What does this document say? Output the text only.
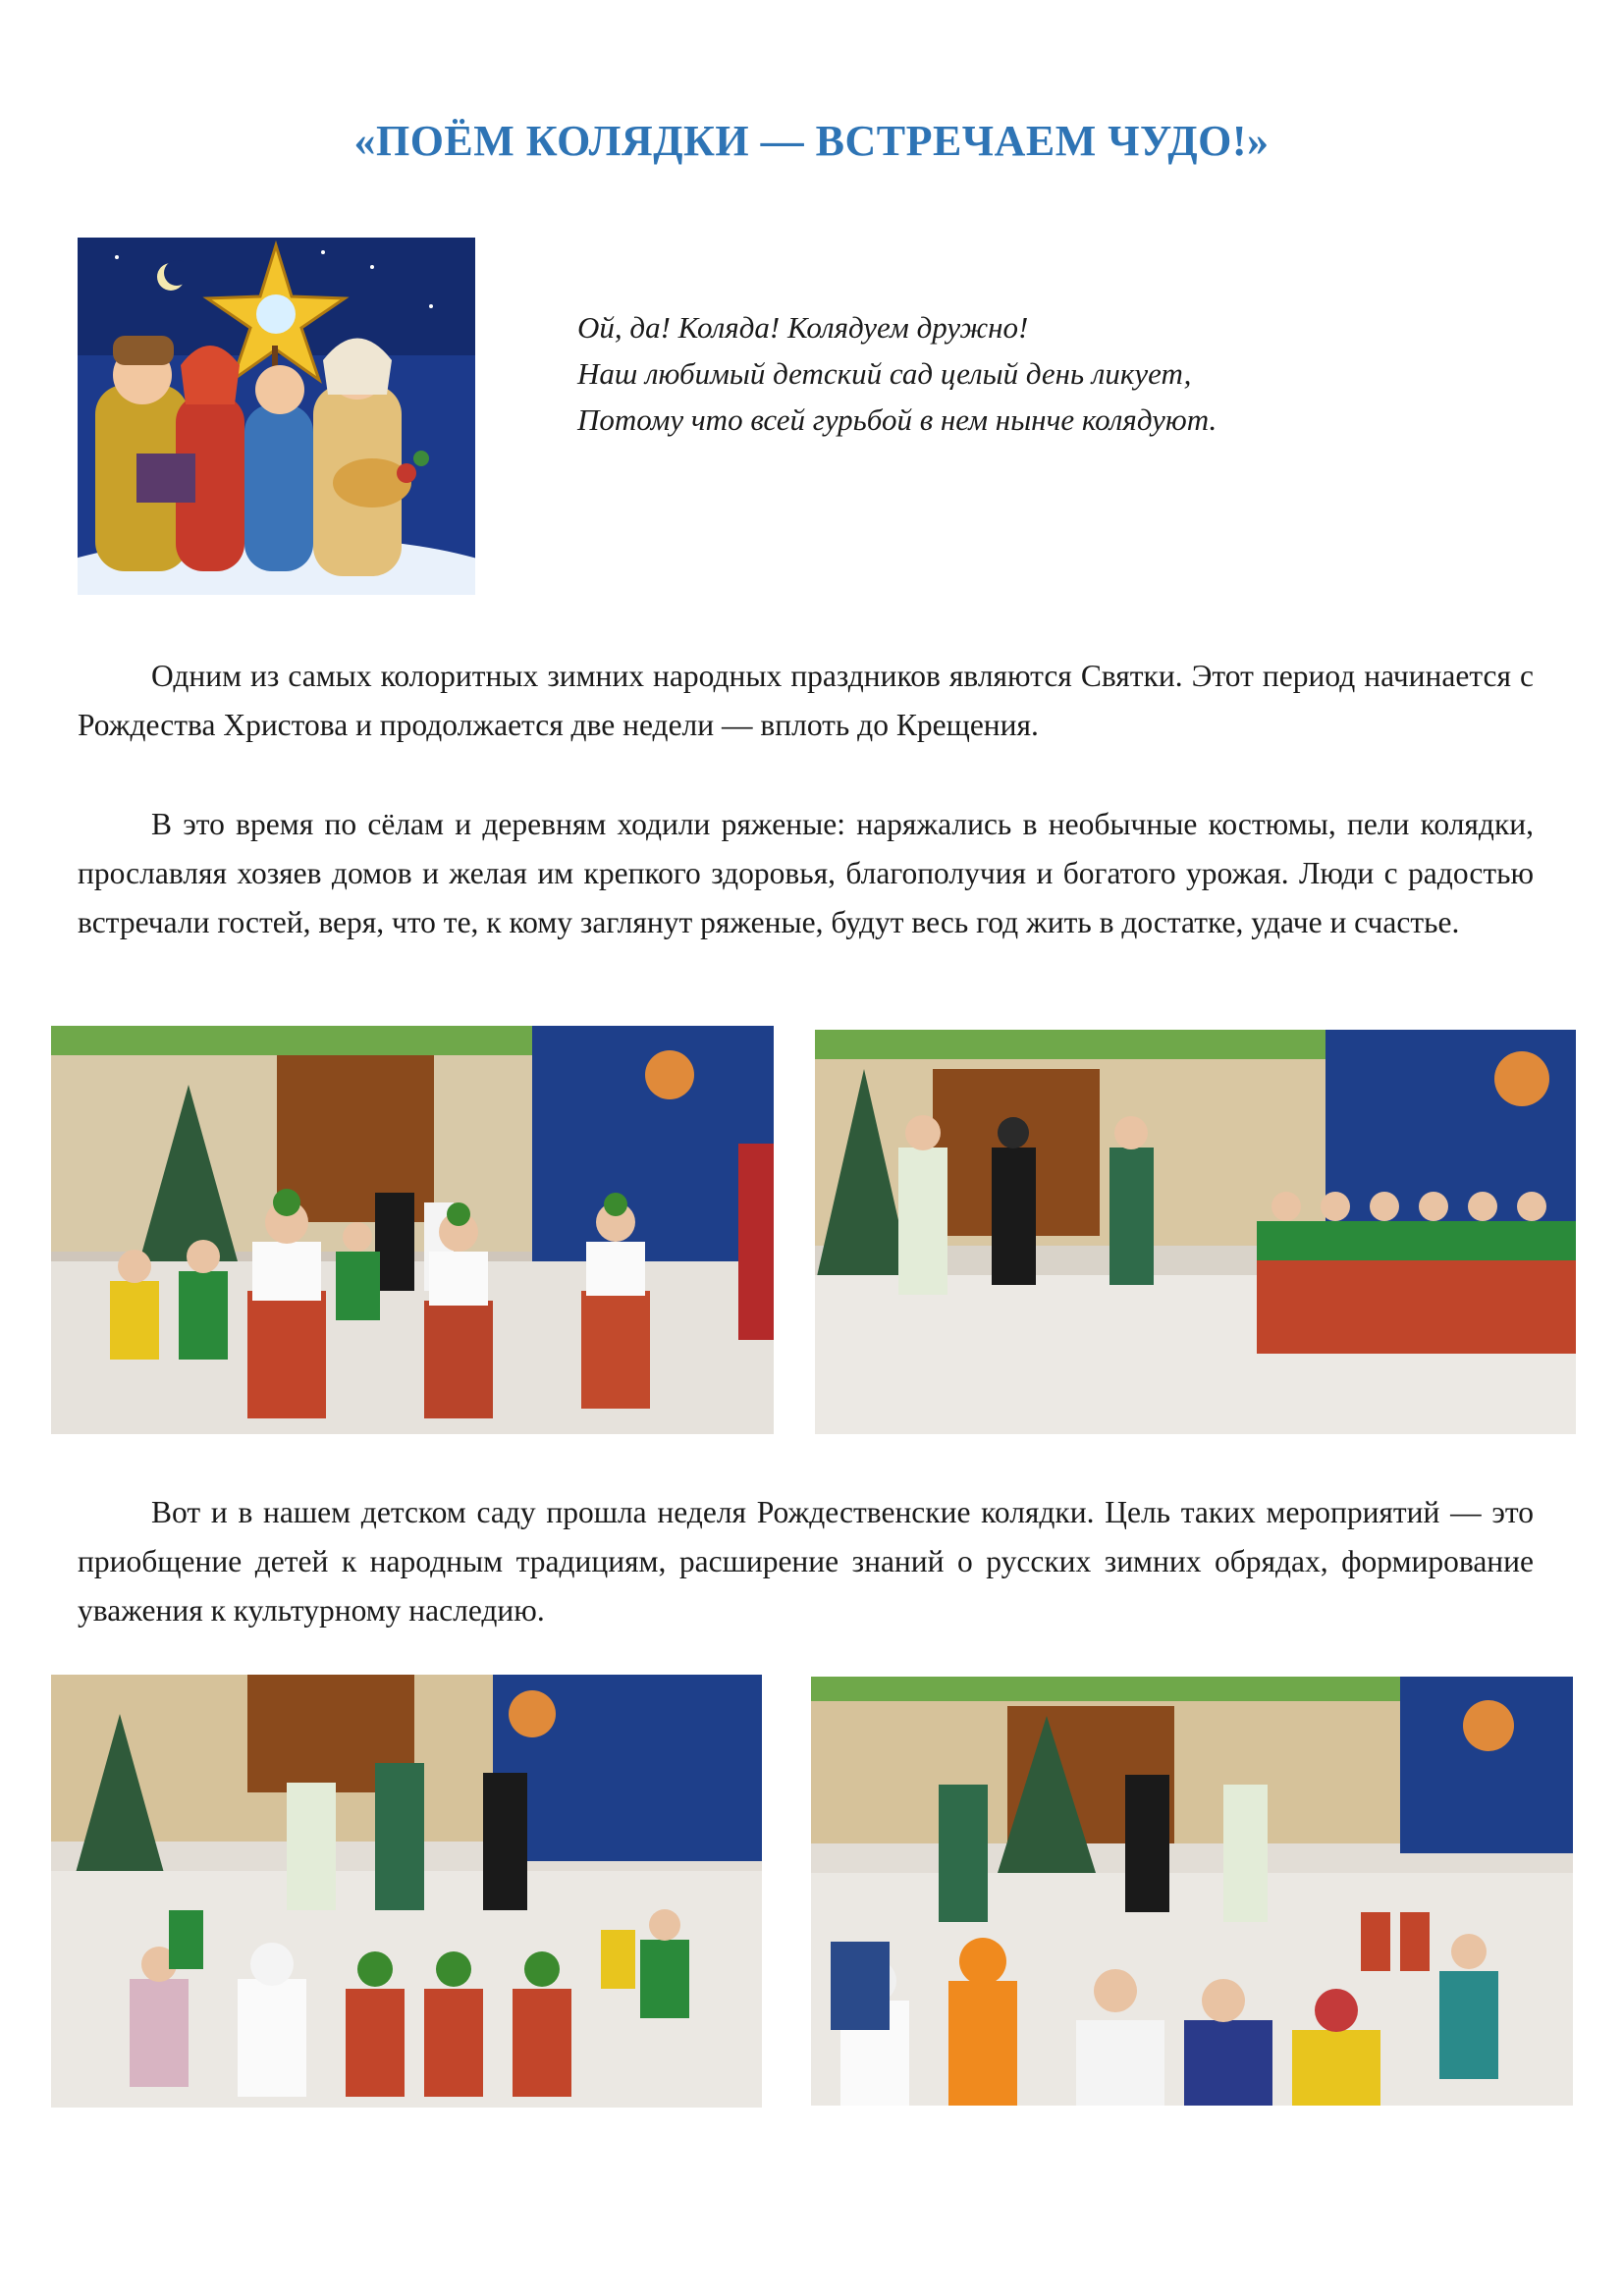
«ПОЁМ КОЛЯДКИ — ВСТРЕЧАЕМ ЧУДО!»
Ой, да! Коляда! Колядуем дружно!
Наш любимый детский сад целый день ликует,
Потому что всей гурьбой в нем нынче колядуют.

Одним из самых колоритных зимних народных праздников являются Святки. Этот период начинается с Рождества Христова и продолжается две недели — вплоть до Крещения.

В это время по сёлам и деревням ходили ряженые: наряжались в необычные костюмы, пели колядки, прославляя хозяев домов и желая им крепкого здоровья, благополучия и богатого урожая. Люди с радостью встречали гостей, веря, что те, к кому заглянут ряженые, будут весь год жить в достатке, удаче и счастье.

Вот и в нашем детском саду прошла неделя Рождественские колядки. Цель таких мероприятий — это приобщение детей к народным традициям, расширение знаний о русских зимних обрядах, формирование уважения к культурному наследию.
